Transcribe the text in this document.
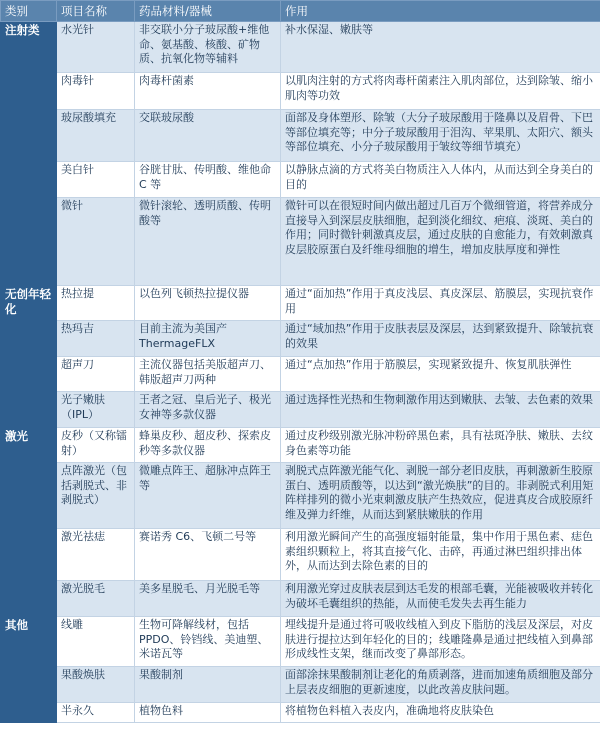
类别	项目名称	药品材料/器械	作用
注射类	水光针	非交联小分子玻尿酸+维他命、氨基酸、核酸、矿物质、抗氧化物等辅料	补水保湿、嫩肤等
	肉毒针	肉毒杆菌素	以肌肉注射的方式将肉毒杆菌素注入肌肉部位，达到除皱、缩小肌肉等功效
	玻尿酸填充	交联玻尿酸	面部及身体塑形、除皱（大分子玻尿酸用于隆鼻以及眉骨、下巴等部位填充等；中分子玻尿酸用于泪沟、苹果肌、太阳穴、额头等部位填充、小分子玻尿酸用于皱纹等细节填充）
	美白针	谷胱甘肽、传明酸、维他命 C 等	以静脉点滴的方式将美白物质注入人体内，从而达到全身美白的目的
	微针	微针滚轮、透明质酸、传明酸等	微针可以在很短时间内做出超过几百万个微细管道，将营养成分直接导入到深层皮肤细胞，起到淡化细纹、疤痕、淡斑、美白的作用；同时微针刺激真皮层，通过皮肤的自愈能力，有效刺激真皮层胶原蛋白及纤维母细胞的增生，增加皮肤厚度和弹性
无创年轻化	热拉提	以色列飞顿热拉提仪器	通过“面加热”作用于真皮浅层、真皮深层、筋膜层，实现抗衰作用
	热玛吉	目前主流为美国产 ThermageFLX	通过“域加热”作用于皮肤表层及深层，达到紧致提升、除皱抗衰的效果
	超声刀	主流仪器包括美版超声刀、韩版超声刀两种	通过“点加热”作用于筋膜层，实现紧致提升、恢复肌肤弹性
	光子嫩肤（IPL）	王者之冠、皇后光子、极光女神等多款仪器	通过选择性光热和生物刺激作用达到嫩肤、去皱、去色素的效果
激光	皮秒（又称镭射）	蜂巢皮秒、超皮秒、探索皮秒等多款仪器	通过皮秒级别激光脉冲粉碎黑色素，具有祛斑净肤、嫩肤、去纹身色素等功能
	点阵激光（包括剥脱式、非剥脱式）	微雕点阵王、超脉冲点阵王等	剥脱式点阵激光能气化、剥脱一部分老旧皮肤，再刺激新生胶原蛋白、透明质酸等，以达到“激光焕肤”的目的。非剥脱式利用矩阵样排列的微小光束刺激皮肤产生热效应，促进真皮合成胶原纤维及弹力纤维，从而达到紧肤嫩肤的作用
	激光祛痣	赛诺秀 C6、飞顿二号等	利用激光瞬间产生的高强度辐射能量，集中作用于黑色素、痣色素组织颗粒上，将其直接气化、击碎，再通过淋巴组织排出体外，从而达到去除色素的目的
	激光脱毛	美多星脱毛、月光脱毛等	利用激光穿过皮肤表层到达毛发的根部毛囊，光能被吸收并转化为破坏毛囊组织的热能，从而使毛发失去再生能力
其他	线雕	生物可降解线材，包括 PPDO、铃铛线、美迪塑、米诺瓦等	埋线提升是通过将可吸收线植入到皮下脂肪的浅层及深层，对皮肤进行提拉达到年轻化的目的；线雕隆鼻是通过把线植入到鼻部形成线性支架，继而改变了鼻部形态。
	果酸焕肤	果酸制剂	面部涂抹果酸制剂让老化的角质剥落，进而加速角质细胞及部分上层表皮细胞的更新速度，以此改善皮肤问题。
	半永久	植物色料	将植物色料植入表皮内，准确地将皮肤染色
